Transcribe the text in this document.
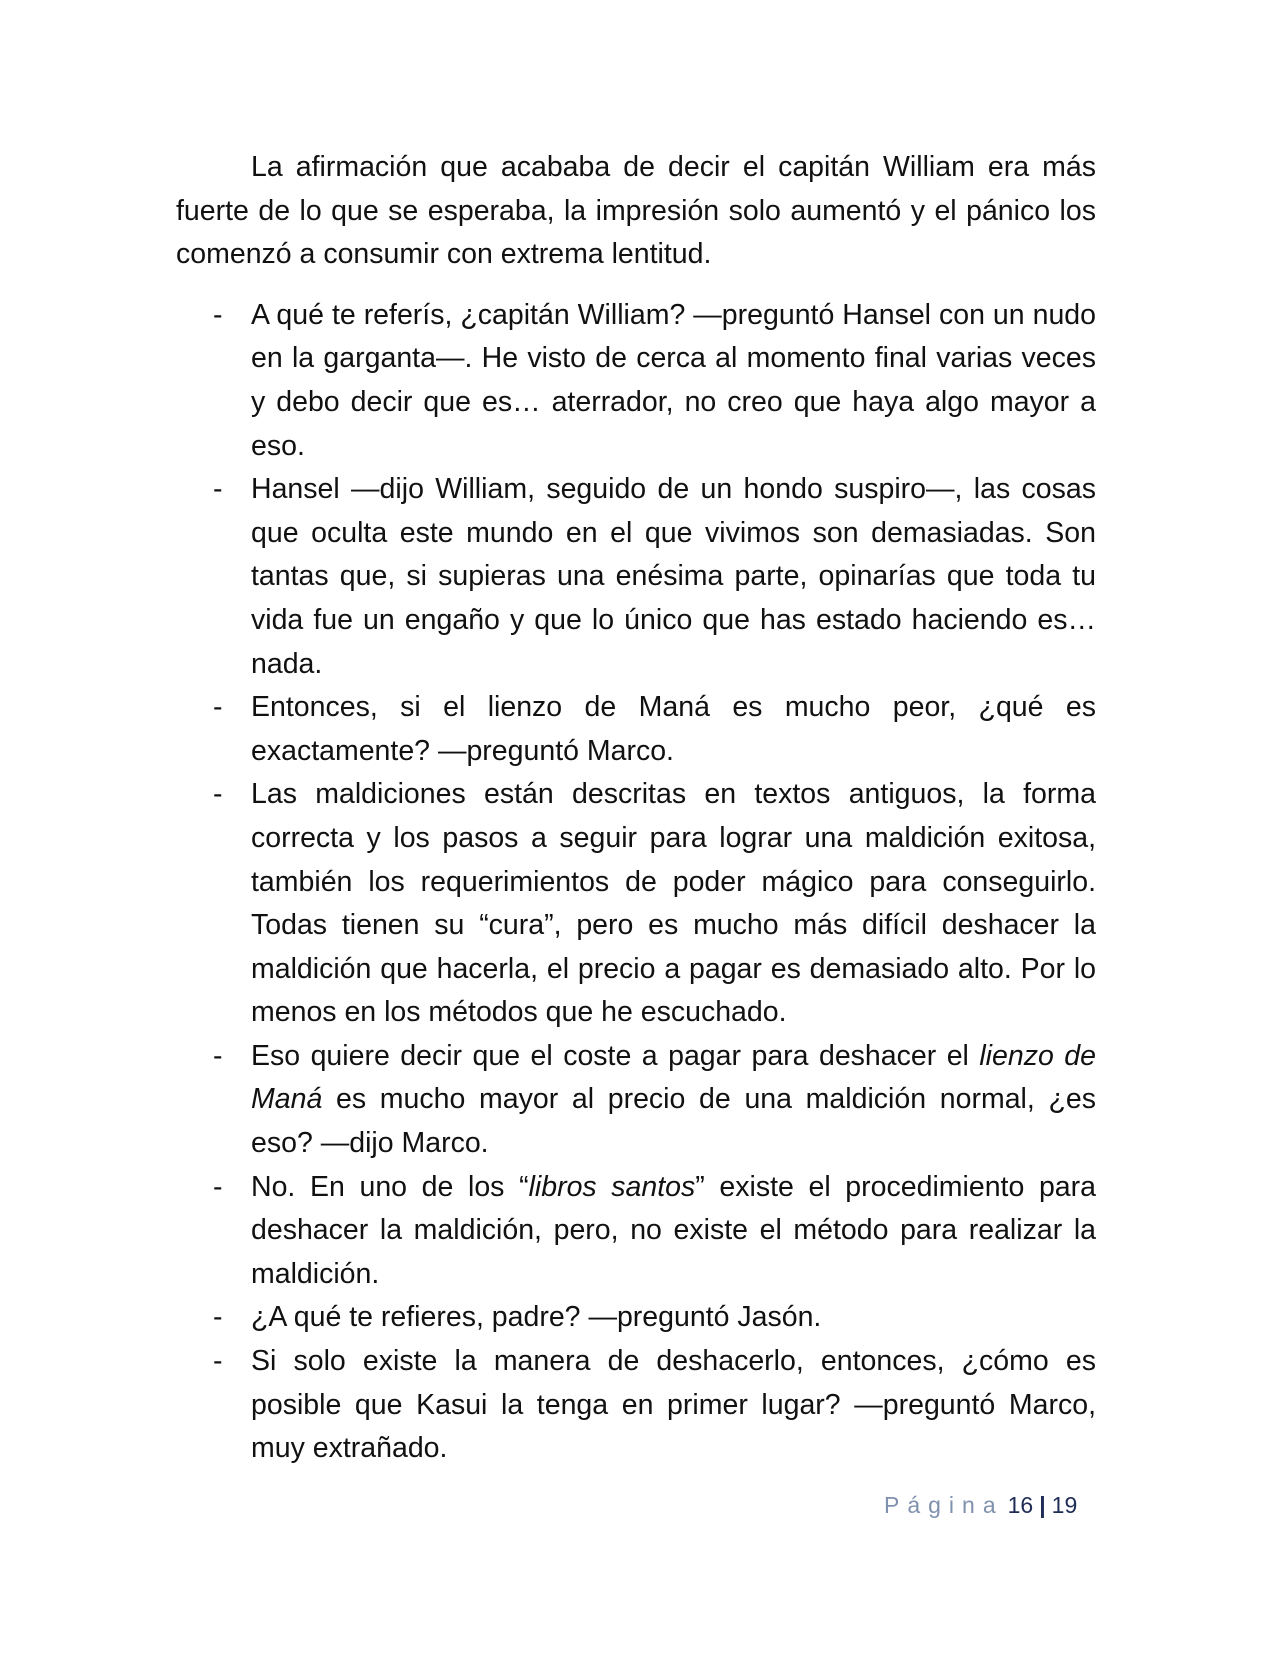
La afirmación que acababa de decir el capitán William era más fuerte de lo que se esperaba, la impresión solo aumentó y el pánico los comenzó a consumir con extrema lentitud.

- A qué te referís, ¿capitán William? —preguntó Hansel con un nudo en la garganta—. He visto de cerca al momento final varias veces y debo decir que es… aterrador, no creo que haya algo mayor a eso.
- Hansel —dijo William, seguido de un hondo suspiro—, las cosas que oculta este mundo en el que vivimos son demasiadas. Son tantas que, si supieras una enésima parte, opinarías que toda tu vida fue un engaño y que lo único que has estado haciendo es… nada.
- Entonces, si el lienzo de Maná es mucho peor, ¿qué es exactamente? —preguntó Marco.
- Las maldiciones están descritas en textos antiguos, la forma correcta y los pasos a seguir para lograr una maldición exitosa, también los requerimientos de poder mágico para conseguirlo. Todas tienen su “cura”, pero es mucho más difícil deshacer la maldición que hacerla, el precio a pagar es demasiado alto. Por lo menos en los métodos que he escuchado.
- Eso quiere decir que el coste a pagar para deshacer el lienzo de Maná es mucho mayor al precio de una maldición normal, ¿es eso? —dijo Marco.
- No. En uno de los “libros santos” existe el procedimiento para deshacer la maldición, pero, no existe el método para realizar la maldición.
- ¿A qué te refieres, padre? —preguntó Jasón.
- Si solo existe la manera de deshacerlo, entonces, ¿cómo es posible que Kasui la tenga en primer lugar? —preguntó Marco, muy extrañado.
Página 16 | 19
